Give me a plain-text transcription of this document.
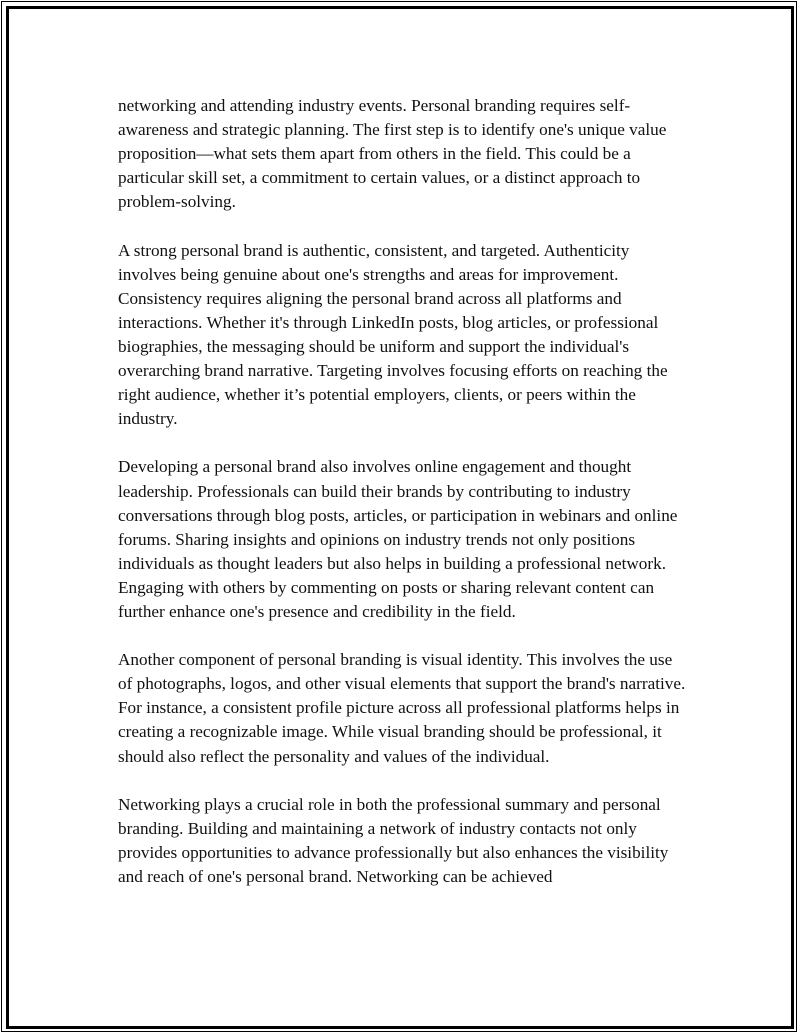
networking and attending industry events. Personal branding requires self-awareness and strategic planning. The first step is to identify one's unique value proposition—what sets them apart from others in the field. This could be a particular skill set, a commitment to certain values, or a distinct approach to problem-solving.

A strong personal brand is authentic, consistent, and targeted. Authenticity involves being genuine about one's strengths and areas for improvement. Consistency requires aligning the personal brand across all platforms and interactions. Whether it's through LinkedIn posts, blog articles, or professional biographies, the messaging should be uniform and support the individual's overarching brand narrative. Targeting involves focusing efforts on reaching the right audience, whether it’s potential employers, clients, or peers within the industry.

Developing a personal brand also involves online engagement and thought leadership. Professionals can build their brands by contributing to industry conversations through blog posts, articles, or participation in webinars and online forums. Sharing insights and opinions on industry trends not only positions individuals as thought leaders but also helps in building a professional network. Engaging with others by commenting on posts or sharing relevant content can further enhance one's presence and credibility in the field.

Another component of personal branding is visual identity. This involves the use of photographs, logos, and other visual elements that support the brand's narrative. For instance, a consistent profile picture across all professional platforms helps in creating a recognizable image. While visual branding should be professional, it should also reflect the personality and values of the individual.

Networking plays a crucial role in both the professional summary and personal branding. Building and maintaining a network of industry contacts not only provides opportunities to advance professionally but also enhances the visibility and reach of one's personal brand. Networking can be achieved
